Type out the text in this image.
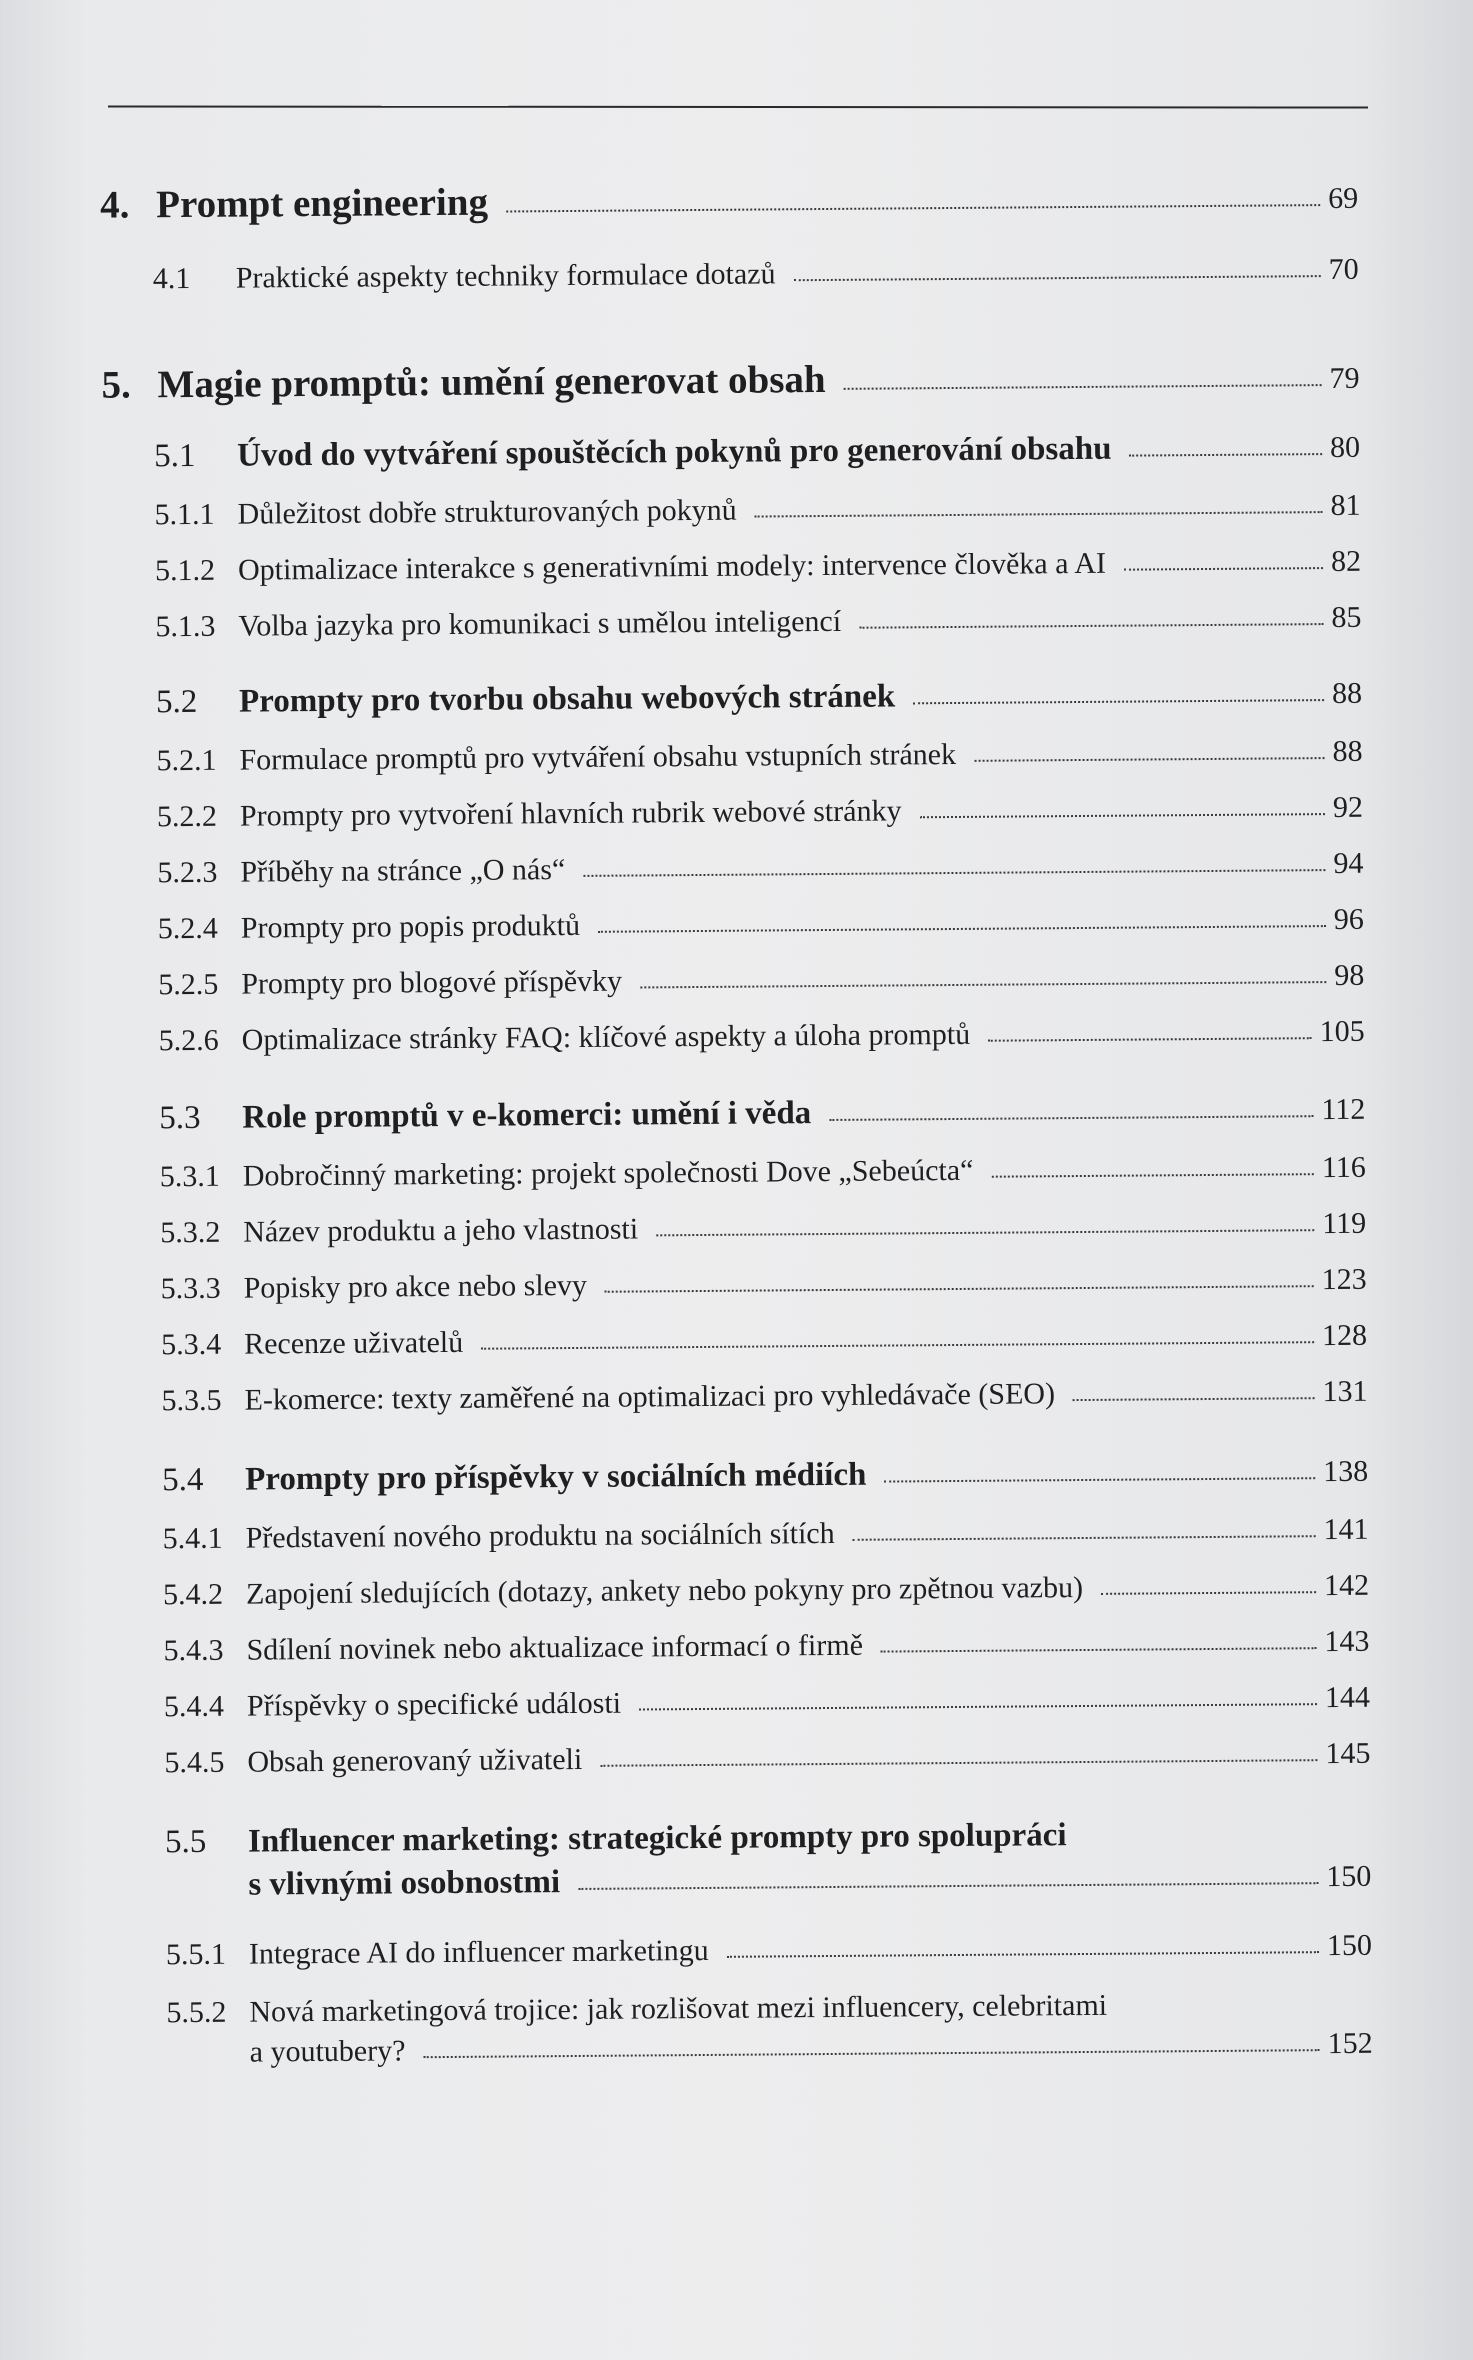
4. Prompt engineering	69
4.1	Praktické aspekty techniky formulace dotazů	70
5. Magie promptů: umění generovat obsah	79
5.1	Úvod do vytváření spouštěcích pokynů pro generování obsahu	80
5.1.1 Důležitost dobře strukturovaných pokynů	81
5.1.2 Optimalizace interakce s generativními modely: intervence člověka a AI	82
5.1.3 Volba jazyka pro komunikaci s umělou inteligencí	85
5.2	Prompty pro tvorbu obsahu webových stránek	88
5.2.1 Formulace promptů pro vytváření obsahu vstupních stránek	88
5.2.2 Prompty pro vytvoření hlavních rubrik webové stránky	92
5.2.3 Příběhy na stránce „O nás“	94
5.2.4 Prompty pro popis produktů	96
5.2.5 Prompty pro blogové příspěvky	98
5.2.6 Optimalizace stránky FAQ: klíčové aspekty a úloha promptů	105
5.3	Role promptů v e-komerci: umění i věda	112
5.3.1 Dobročinný marketing: projekt společnosti Dove „Sebeúcta“	116
5.3.2 Název produktu a jeho vlastnosti	119
5.3.3 Popisky pro akce nebo slevy	123
5.3.4 Recenze uživatelů	128
5.3.5 E-komerce: texty zaměřené na optimalizaci pro vyhledávače (SEO)	131
5.4	Prompty pro příspěvky v sociálních médiích	138
5.4.1 Představení nového produktu na sociálních sítích	141
5.4.2 Zapojení sledujících (dotazy, ankety nebo pokyny pro zpětnou vazbu)	142
5.4.3 Sdílení novinek nebo aktualizace informací o firmě	143
5.4.4 Příspěvky o specifické události	144
5.4.5 Obsah generovaný uživateli	145
5.5	Influencer marketing: strategické prompty pro spolupráci
s vlivnými osobnostmi	150
5.5.1 Integrace AI do influencer marketingu	150
5.5.2 Nová marketingová trojice: jak rozlišovat mezi influencery, celebritami
a youtubery?	152
